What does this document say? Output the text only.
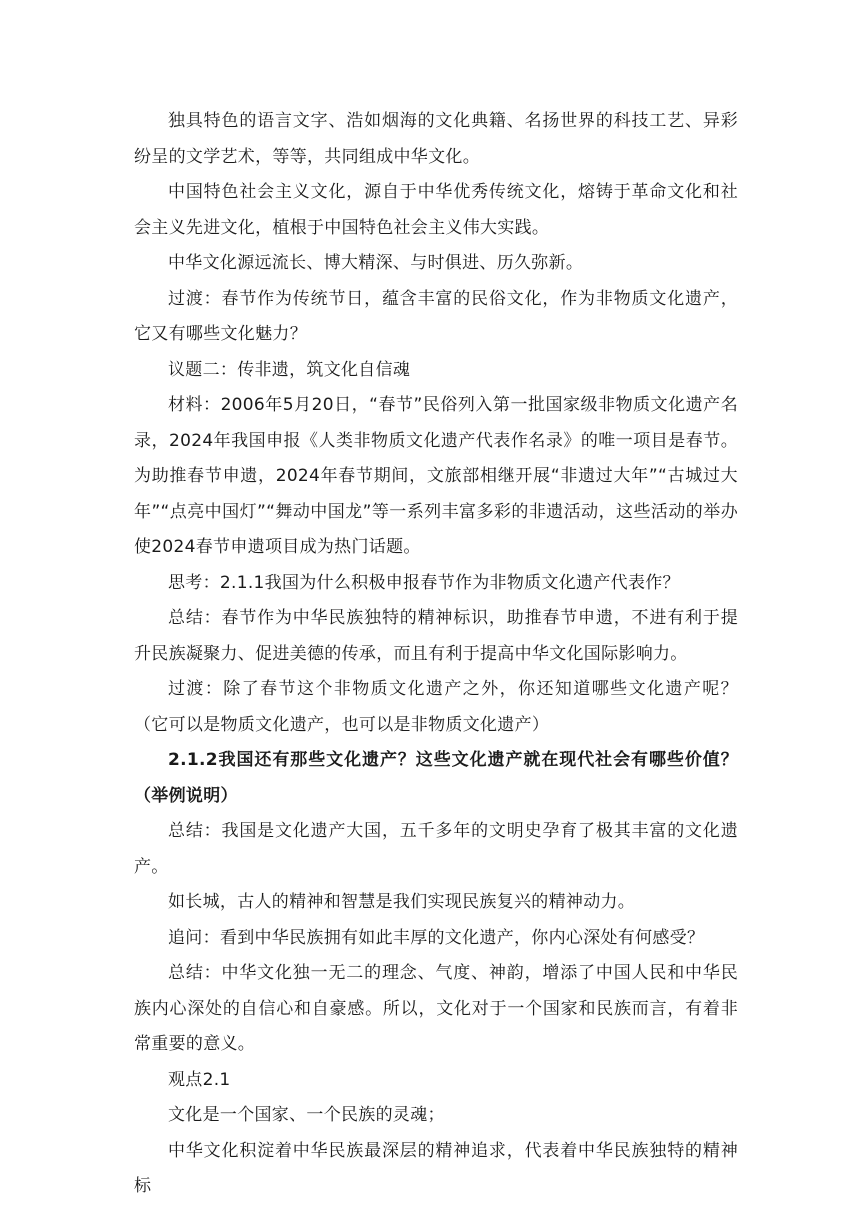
独具特色的语言文字、浩如烟海的文化典籍、名扬世界的科技工艺、异彩纷呈的文学艺术，等等，共同组成中华文化。

中国特色社会主义文化，源自于中华优秀传统文化，熔铸于革命文化和社会主义先进文化，植根于中国特色社会主义伟大实践。

中华文化源远流长、博大精深、与时俱进、历久弥新。

过渡：春节作为传统节日，蕴含丰富的民俗文化，作为非物质文化遗产，它又有哪些文化魅力？

议题二：传非遗，筑文化自信魂

材料：2006年5月20日，“春节”民俗列入第一批国家级非物质文化遗产名录，2024年我国申报《人类非物质文化遗产代表作名录》的唯一项目是春节。为助推春节申遗，2024年春节期间，文旅部相继开展“非遗过大年”“古城过大年”“点亮中国灯”“舞动中国龙”等一系列丰富多彩的非遗活动，这些活动的举办使2024春节申遗项目成为热门话题。

思考：2.1.1我国为什么积极申报春节作为非物质文化遗产代表作？

总结：春节作为中华民族独特的精神标识，助推春节申遗，不进有利于提升民族凝聚力、促进美德的传承，而且有利于提高中华文化国际影响力。

过渡：除了春节这个非物质文化遗产之外，你还知道哪些文化遗产呢？（它可以是物质文化遗产，也可以是非物质文化遗产）

2.1.2我国还有那些文化遗产？这些文化遗产就在现代社会有哪些价值？（举例说明）

总结：我国是文化遗产大国，五千多年的文明史孕育了极其丰富的文化遗产。

如长城，古人的精神和智慧是我们实现民族复兴的精神动力。

追问：看到中华民族拥有如此丰厚的文化遗产，你内心深处有何感受？

总结：中华文化独一无二的理念、气度、神韵，增添了中国人民和中华民族内心深处的自信心和自豪感。所以，文化对于一个国家和民族而言，有着非常重要的意义。

观点2.1

文化是一个国家、一个民族的灵魂；

中华文化积淀着中华民族最深层的精神追求，代表着中华民族独特的精神标
